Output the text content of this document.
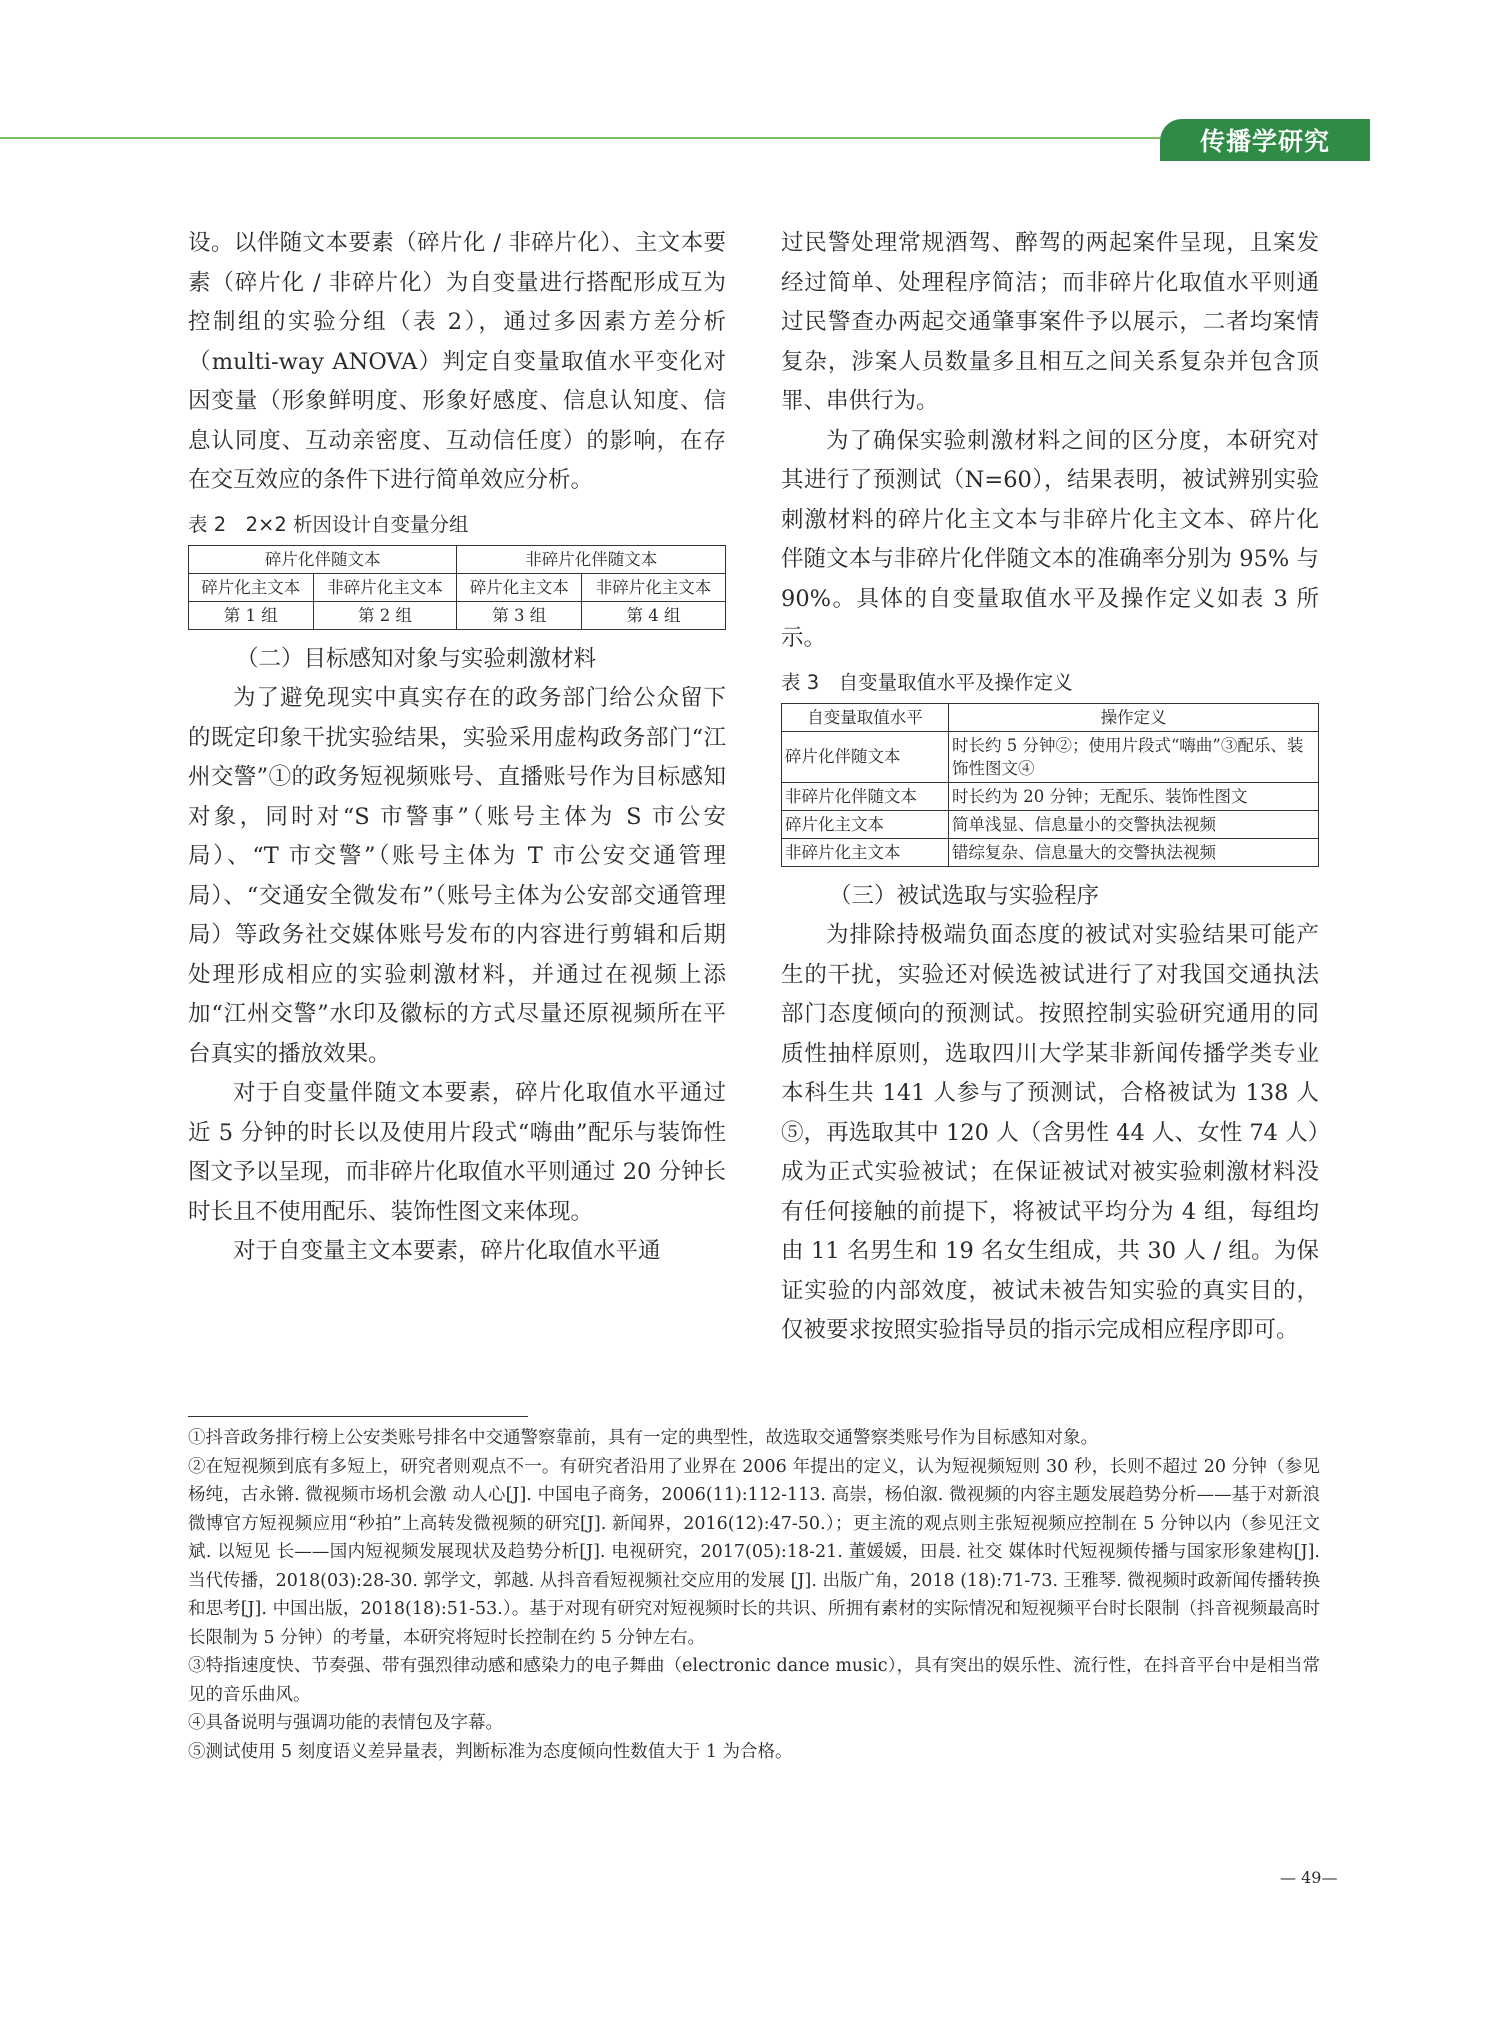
传播学研究

设。以伴随文本要素（碎片化 / 非碎片化）、主文本要素（碎片化 / 非碎片化）为自变量进行搭配形成互为控制组的实验分组（表 2），通过多因素方差分析（multi-way ANOVA）判定自变量取值水平变化对因变量（形象鲜明度、形象好感度、信息认知度、信息认同度、互动亲密度、互动信任度）的影响，在存在交互效应的条件下进行简单效应分析。

表 2　2×2 析因设计自变量分组
碎片化伴随文本		非碎片化伴随文本	
碎片化主文本	非碎片化主文本	碎片化主文本	非碎片化主文本
第 1 组	第 2 组	第 3 组	第 4 组

（二）目标感知对象与实验刺激材料

为了避免现实中真实存在的政务部门给公众留下的既定印象干扰实验结果，实验采用虚构政务部门“江州交警”①的政务短视频账号、直播账号作为目标感知对象，同时对“S 市警事”（账号主体为 S 市公安局）、“T 市交警”（账号主体为 T 市公安交通管理局）、“交通安全微发布”（账号主体为公安部交通管理局）等政务社交媒体账号发布的内容进行剪辑和后期处理形成相应的实验刺激材料，并通过在视频上添加“江州交警”水印及徽标的方式尽量还原视频所在平台真实的播放效果。

对于自变量伴随文本要素，碎片化取值水平通过近 5 分钟的时长以及使用片段式“嗨曲”配乐与装饰性图文予以呈现，而非碎片化取值水平则通过 20 分钟长时长且不使用配乐、装饰性图文来体现。

对于自变量主文本要素，碎片化取值水平通

过民警处理常规酒驾、醉驾的两起案件呈现，且案发经过简单、处理程序简洁；而非碎片化取值水平则通过民警查办两起交通肇事案件予以展示，二者均案情复杂，涉案人员数量多且相互之间关系复杂并包含顶罪、串供行为。

为了确保实验刺激材料之间的区分度，本研究对其进行了预测试（N=60），结果表明，被试辨别实验刺激材料的碎片化主文本与非碎片化主文本、碎片化伴随文本与非碎片化伴随文本的准确率分别为 95% 与 90%。具体的自变量取值水平及操作定义如表 3 所示。

表 3　自变量取值水平及操作定义
自变量取值水平	操作定义
碎片化伴随文本	时长约 5 分钟②；使用片段式“嗨曲”③配乐、装饰性图文④
非碎片化伴随文本	时长约为 20 分钟；无配乐、装饰性图文
碎片化主文本	简单浅显、信息量小的交警执法视频
非碎片化主文本	错综复杂、信息量大的交警执法视频

（三）被试选取与实验程序

为排除持极端负面态度的被试对实验结果可能产生的干扰，实验还对候选被试进行了对我国交通执法部门态度倾向的预测试。按照控制实验研究通用的同质性抽样原则，选取四川大学某非新闻传播学类专业本科生共 141 人参与了预测试，合格被试为 138 人⑤，再选取其中 120 人（含男性 44 人、女性 74 人）成为正式实验被试；在保证被试对被实验刺激材料没有任何接触的前提下，将被试平均分为 4 组，每组均由 11 名男生和 19 名女生组成，共 30 人 / 组。为保证实验的内部效度，被试未被告知实验的真实目的，仅被要求按照实验指导员的指示完成相应程序即可。

①抖音政务排行榜上公安类账号排名中交通警察靠前，具有一定的典型性，故选取交通警察类账号作为目标感知对象。

②在短视频到底有多短上，研究者则观点不一。有研究者沿用了业界在 2006 年提出的定义，认为短视频短则 30 秒，长则不超过 20 分钟（参见杨纯，古永锵. 微视频市场机会激 动人心[J]. 中国电子商务，2006(11):112-113. 高崇，杨伯溆. 微视频的内容主题发展趋势分析——基于对新浪微博官方短视频应用“秒拍”上高转发微视频的研究[J]. 新闻界，2016(12):47-50.）；更主流的观点则主张短视频应控制在 5 分钟以内（参见汪文斌. 以短见 长——国内短视频发展现状及趋势分析[J]. 电视研究，2017(05):18-21. 董媛媛，田晨. 社交 媒体时代短视频传播与国家形象建构[J]. 当代传播，2018(03):28-30. 郭学文，郭越. 从抖音看短视频社交应用的发展 [J]. 出版广角，2018 (18):71-73. 王雅琴. 微视频时政新闻传播转换 和思考[J]. 中国出版，2018(18):51-53.）。基于对现有研究对短视频时长的共识、所拥有素材的实际情况和短视频平台时长限制（抖音视频最高时长限制为 5 分钟）的考量，本研究将短时长控制在约 5 分钟左右。

③特指速度快、节奏强、带有强烈律动感和感染力的电子舞曲（electronic dance music），具有突出的娱乐性、流行性，在抖音平台中是相当常见的音乐曲风。

④具备说明与强调功能的表情包及字幕。

⑤测试使用 5 刻度语义差异量表，判断标准为态度倾向性数值大于 1 为合格。

— 49—
